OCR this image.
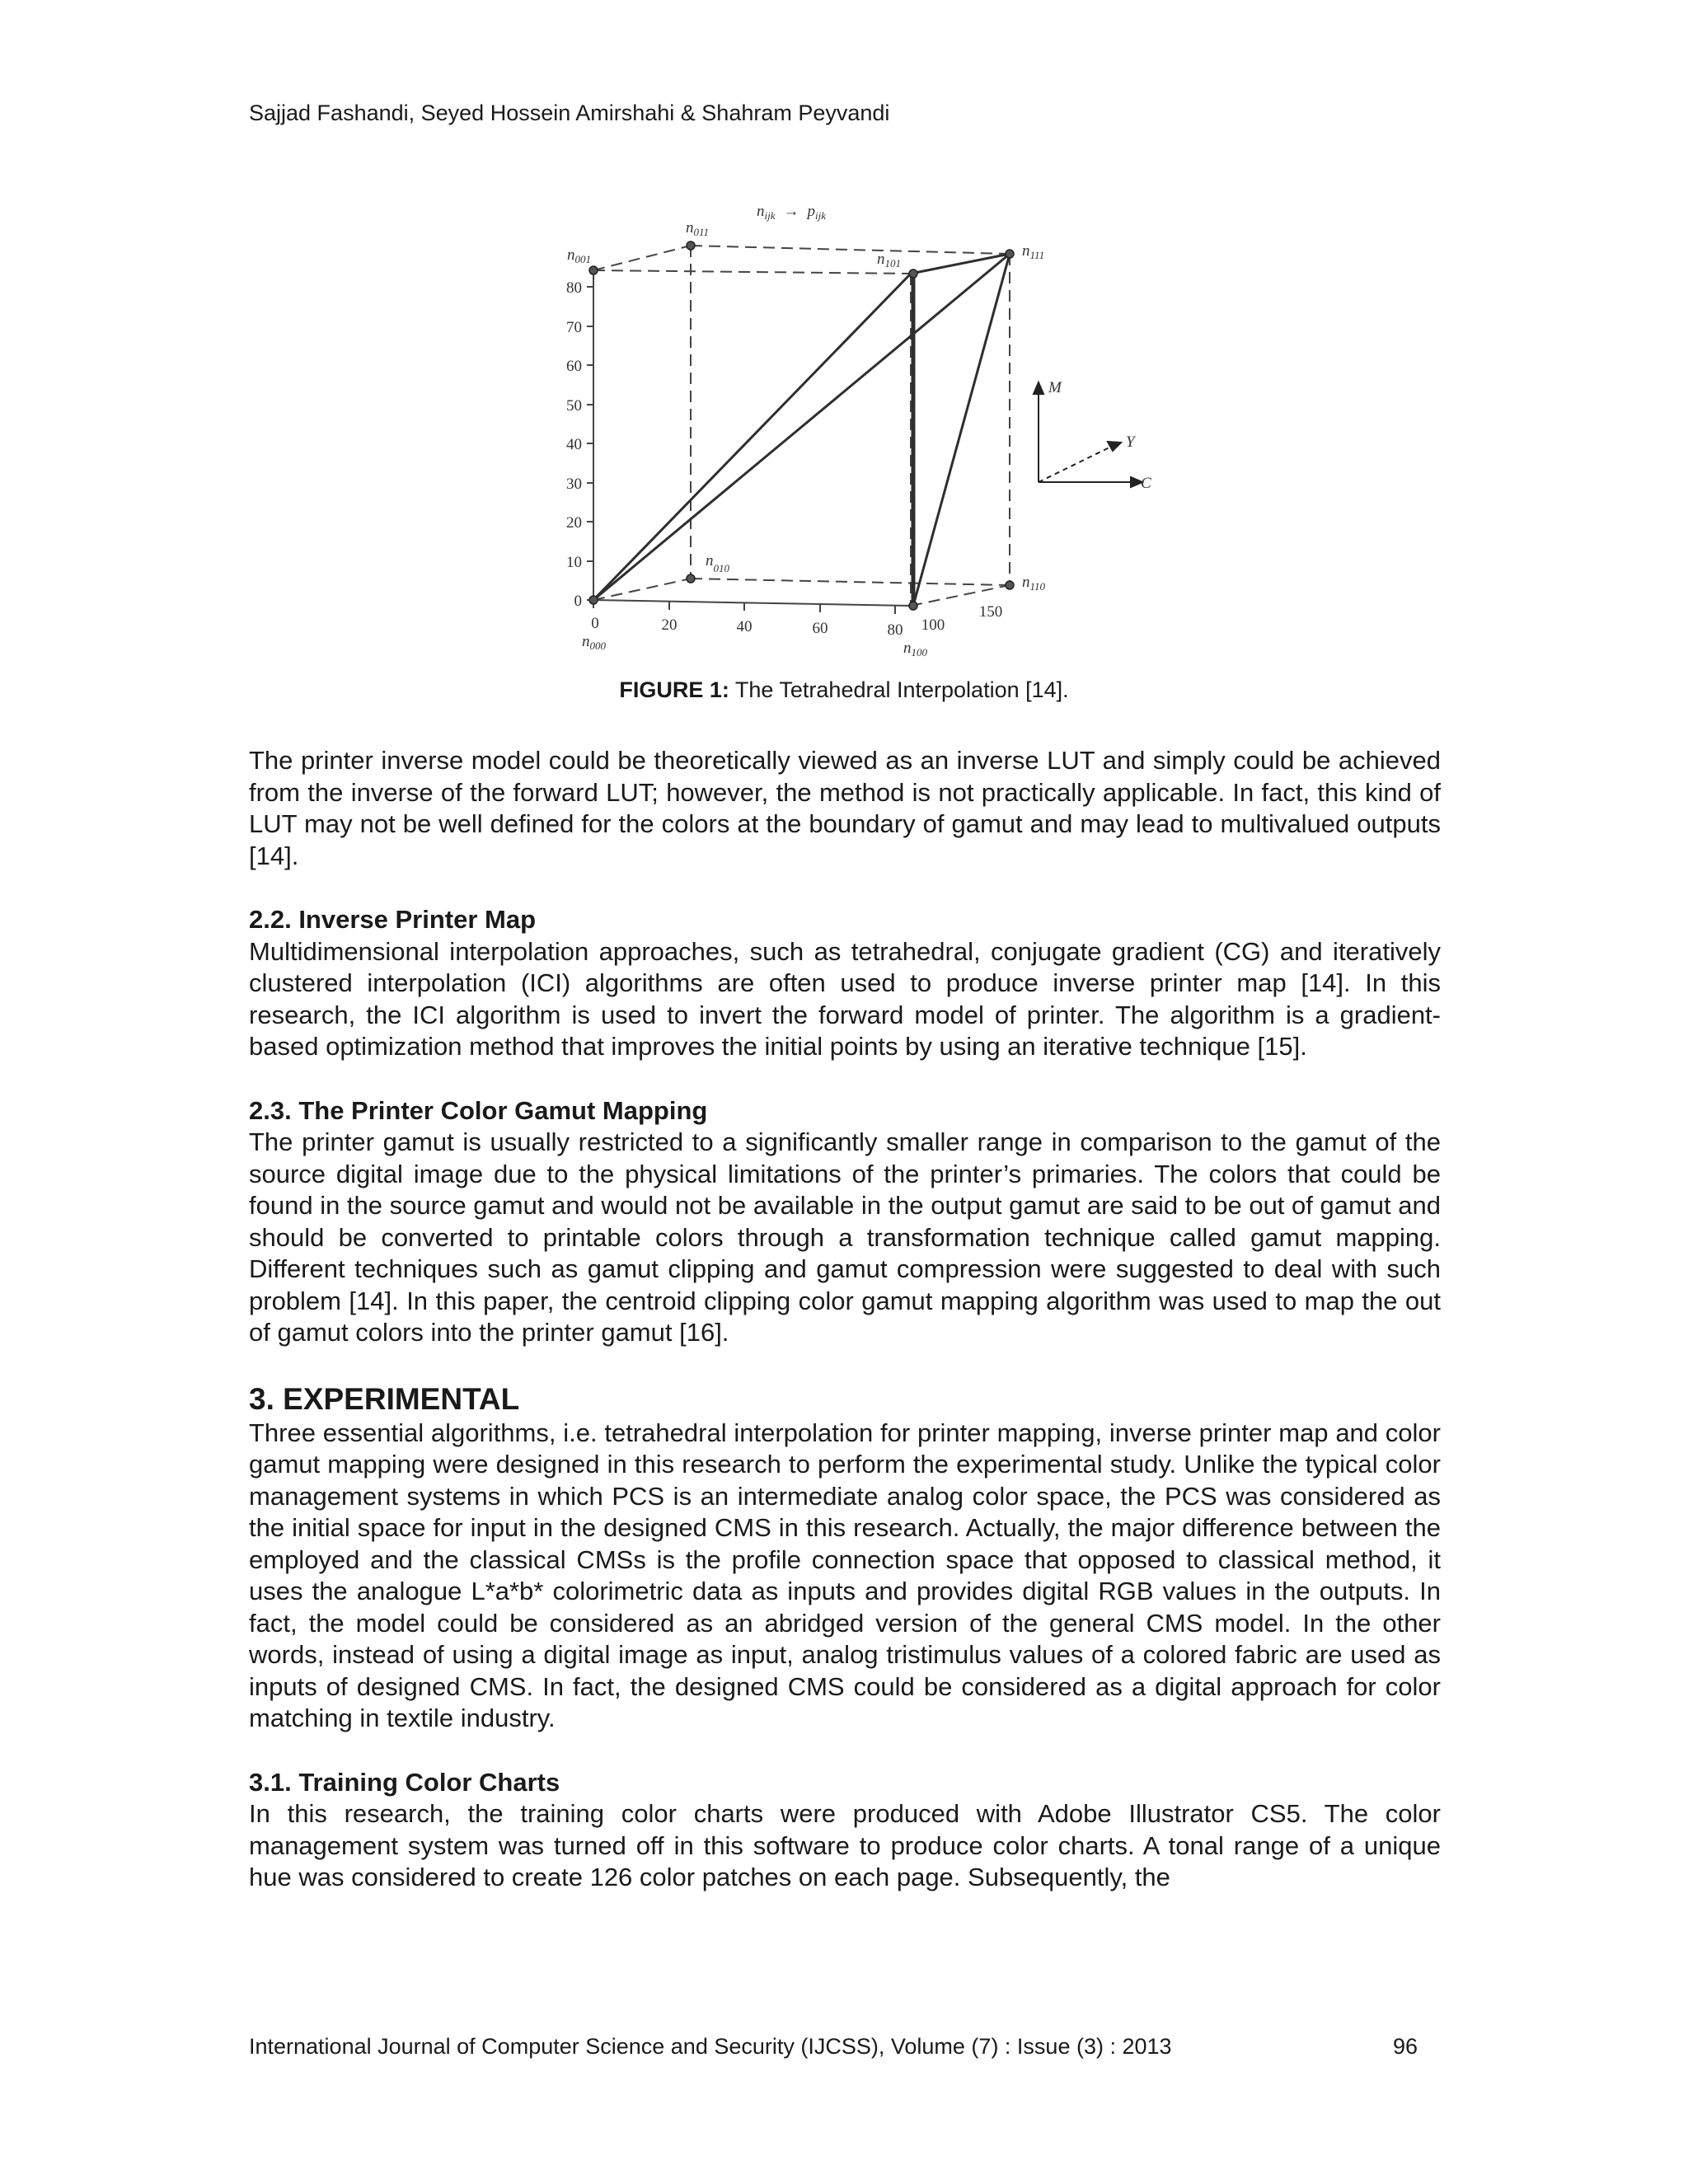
Sajjad Fashandi, Seyed Hossein Amirshahi & Shahram Peyvandi
0
10
20
30
40
50
60
70
80
0	20	40	60	80 100
150
$n_{001}$
$n_{011}$
$n_{101}$
$n_{111}$
$n_{010}$
$n_{110}$
$n_{000}$	$n_{100}$
$n_{ijk} \to p_{ijk}$
M
Y
C
FIGURE 1: The Tetrahedral Interpolation [14].

The printer inverse model could be theoretically viewed as an inverse LUT and simply could be achieved from the inverse of the forward LUT; however, the method is not practically applicable. In fact, this kind of LUT may not be well defined for the colors at the boundary of gamut and may lead to multivalued outputs [14].

2.2. Inverse Printer Map

Multidimensional interpolation approaches, such as tetrahedral, conjugate gradient (CG) and iteratively clustered interpolation (ICI) algorithms are often used to produce inverse printer map [14]. In this research, the ICI algorithm is used to invert the forward model of printer. The algorithm is a gradient-based optimization method that improves the initial points by using an iterative technique [15].

2.3. The Printer Color Gamut Mapping

The printer gamut is usually restricted to a significantly smaller range in comparison to the gamut of the source digital image due to the physical limitations of the printer’s primaries. The colors that could be found in the source gamut and would not be available in the output gamut are said to be out of gamut and should be converted to printable colors through a transformation technique called gamut mapping. Different techniques such as gamut clipping and gamut compression were suggested to deal with such problem [14]. In this paper, the centroid clipping color gamut mapping algorithm was used to map the out of gamut colors into the printer gamut [16].

3. EXPERIMENTAL

Three essential algorithms, i.e. tetrahedral interpolation for printer mapping, inverse printer map and color gamut mapping were designed in this research to perform the experimental study. Unlike the typical color management systems in which PCS is an intermediate analog color space, the PCS was considered as the initial space for input in the designed CMS in this research. Actually, the major difference between the employed and the classical CMSs is the profile connection space that opposed to classical method, it uses the analogue L*a*b* colorimetric data as inputs and provides digital RGB values in the outputs. In fact, the model could be considered as an abridged version of the general CMS model. In the other words, instead of using a digital image as input, analog tristimulus values of a colored fabric are used as inputs of designed CMS. In fact, the designed CMS could be considered as a digital approach for color matching in textile industry.

3.1. Training Color Charts

In this research, the training color charts were produced with Adobe Illustrator CS5. The color management system was turned off in this software to produce color charts. A tonal range of a unique hue was considered to create 126 color patches on each page. Subsequently, the

International Journal of Computer Science and Security (IJCSS), Volume (7) : Issue (3) : 2013	96
